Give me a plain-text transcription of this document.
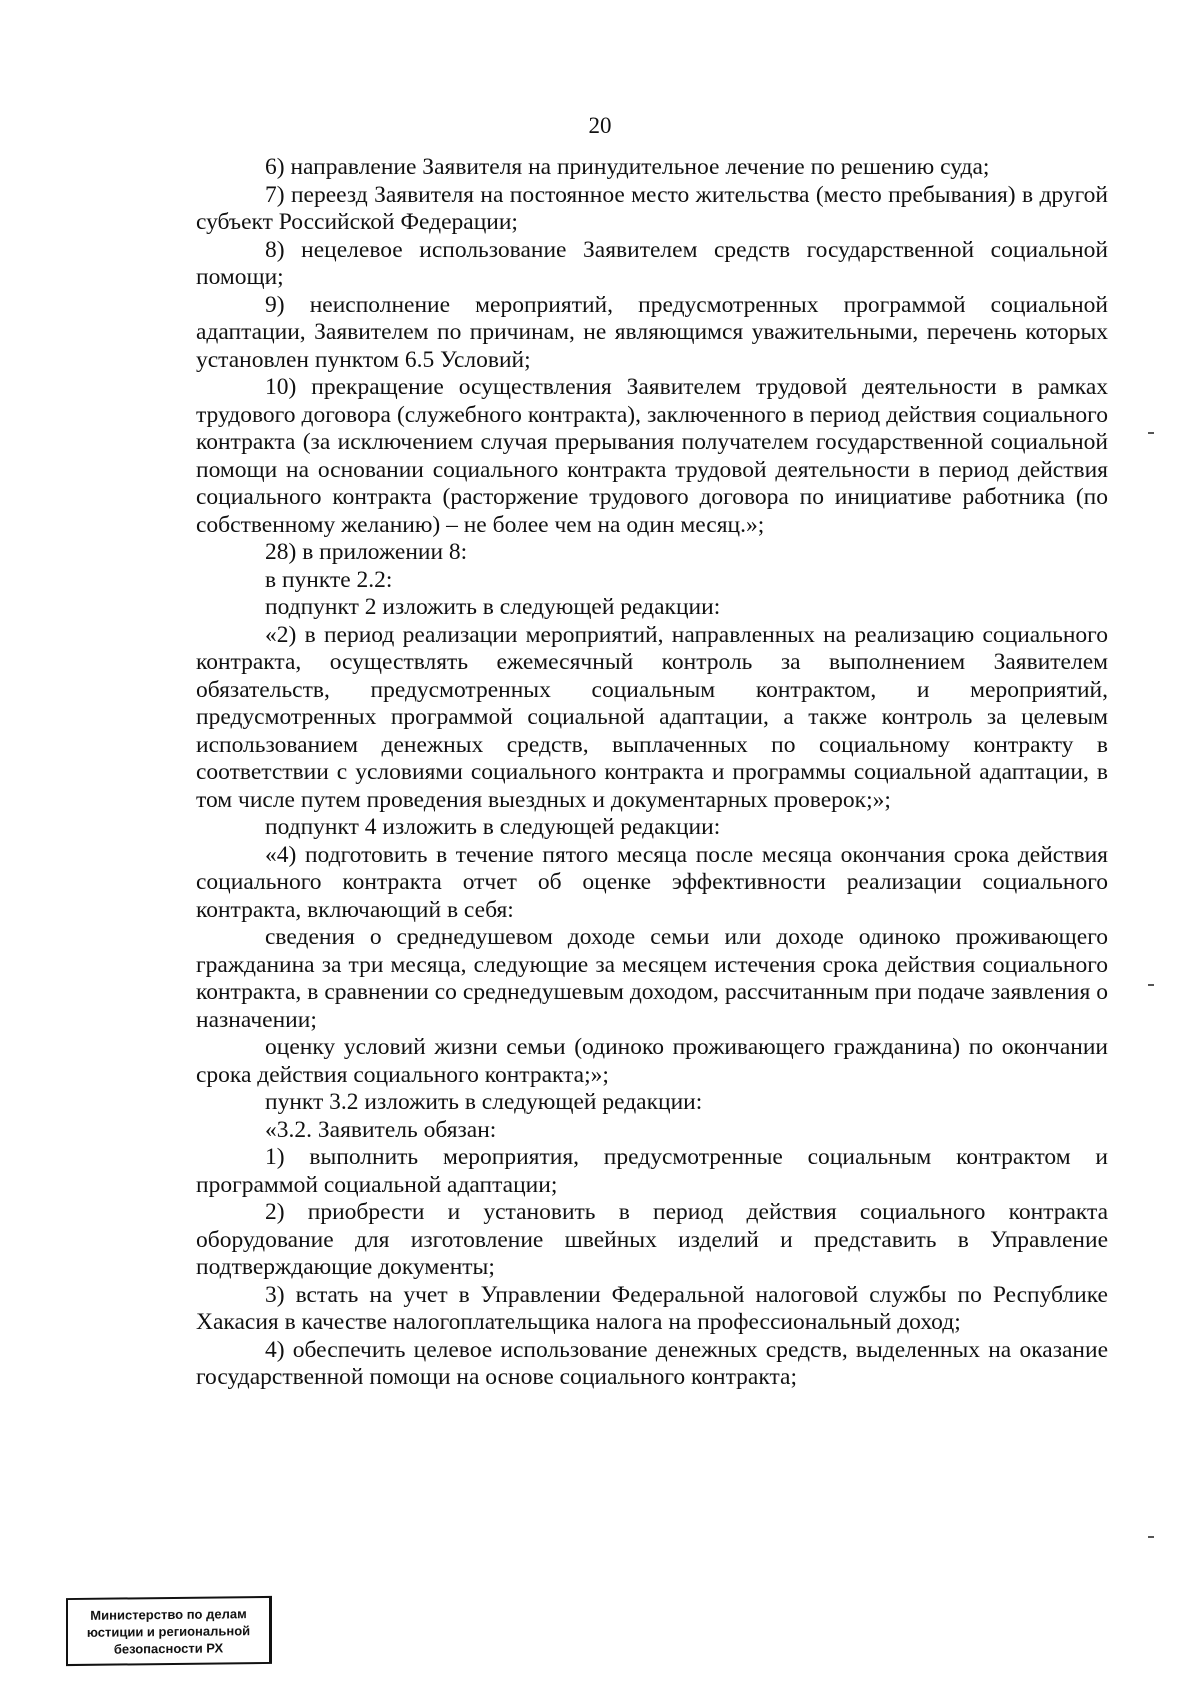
20

6) направление Заявителя на принудительное лечение по решению суда;

7) переезд Заявителя на постоянное место жительства (место пребывания) в другой субъект Российской Федерации;

8) нецелевое использование Заявителем средств государственной социальной помощи;

9) неисполнение мероприятий, предусмотренных программой социальной адаптации, Заявителем по причинам, не являющимся уважительными, перечень которых установлен пунктом 6.5 Условий;

10) прекращение осуществления Заявителем трудовой деятельности в рамках трудового договора (служебного контракта), заключенного в период действия социального контракта (за исключением случая прерывания получателем государственной социальной помощи на основании социального контракта трудовой деятельности в период действия социального контракта (расторжение трудового договора по инициативе работника (по собственному желанию) – не более чем на один месяц.»;

28) в приложении 8:

в пункте 2.2:

подпункт 2 изложить в следующей редакции:

«2) в период реализации мероприятий, направленных на реализацию социального контракта, осуществлять ежемесячный контроль за выполнением Заявителем обязательств, предусмотренных социальным контрактом, и мероприятий, предусмотренных программой социальной адаптации, а также контроль за целевым использованием денежных средств, выплаченных по социальному контракту в соответствии с условиями социального контракта и программы социальной адаптации, в том числе путем проведения выездных и документарных проверок;»;

подпункт 4 изложить в следующей редакции:

«4) подготовить в течение пятого месяца после месяца окончания срока действия социального контракта отчет об оценке эффективности реализации социального контракта, включающий в себя:

сведения о среднедушевом доходе семьи или доходе одиноко проживающего гражданина за три месяца, следующие за месяцем истечения срока действия социального контракта, в сравнении со среднедушевым доходом, рассчитанным при подаче заявления о назначении;

оценку условий жизни семьи (одиноко проживающего гражданина) по окончании срока действия социального контракта;»;

пункт 3.2 изложить в следующей редакции:

«3.2. Заявитель обязан:

1) выполнить мероприятия, предусмотренные социальным контрактом и программой социальной адаптации;

2) приобрести и установить в период действия социального контракта оборудование для изготовление швейных изделий и представить в Управление подтверждающие документы;

3) встать на учет в Управлении Федеральной налоговой службы по Республике Хакасия в качестве налогоплательщика налога на профессиональный доход;

4) обеспечить целевое использование денежных средств, выделенных на оказание государственной помощи на основе социального контракта;

Министерство по делам
юстиции и региональной
безопасности РХ
